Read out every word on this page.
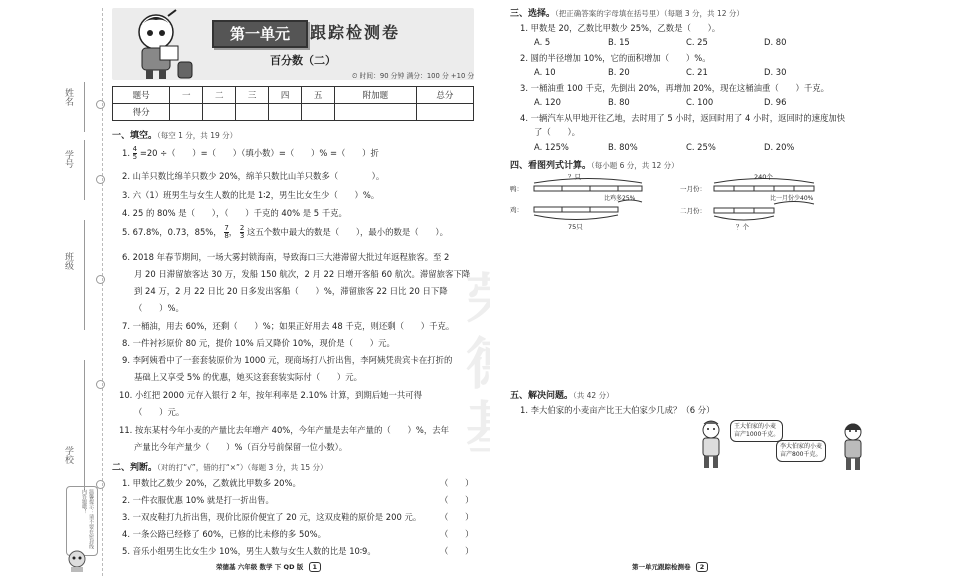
姓名
学号
班级
学校
温馨提示：请不要在密封线内答题哦！
第一单元	跟踪检测卷
百分数（二）
⏲ 时间：90 分钟 满分：100 分 +10 分
题号	一	二	三	四	五	附加题	总分
得分							
一、填空。（每空 1 分，共 19 分）
1. $\frac{4}{5} =20$ ÷（　　）=（　　）（填小数）=（　　）% =（　　）折
2. 山羊只数比绵羊只数少 20%，绵羊只数比山羊只数多（　　　　）。
3. 六（1）班男生与女生人数的比是 1∶2，男生比女生少（　　）%。
4. 25 的 80% 是（　　），（　　）千克的 40% 是 5 千克。
5. 67.8%，0.73，85%， $\frac{7}{8}$ ， $\frac{2}{3}$ 这五个数中最大的数是（　　），最小的数是（　　）。
6. 2018 年春节期间，一场大雾封锁海南，导致海口三大港滞留大批过年返程旅客。至 2
月 20 日滞留旅客达 30 万，发船 150 航次，2 月 22 日增开客船 60 航次。滞留旅客下降
到 24 万，2 月 22 日比 20 日多发出客船（　　）%，滞留旅客 22 日比 20 日下降
（　　）%。
7. 一桶油，用去 60%，还剩（　　）%；如果正好用去 48 千克，则还剩（　　）千克。
8. 一件衬衫原价 80 元，提价 10% 后又降价 10%，现价是（　　）元。
9. 李阿姨看中了一套套装原价为 1000 元，现商场打八折出售，李阿姨凭贵宾卡在打折的
基础上又享受 5% 的优惠，她买这套套装实际付（　　）元。
10. 小红把 2000 元存入银行 2 年，按年利率是 2.10% 计算，到期后她一共可得
（　　）元。
11. 按东某村今年小麦的产量比去年增产 40%，今年产量是去年产量的（　　）%，去年
产量比今年产量少（　　）%（百分号前保留一位小数）。
二、判断。（对的打“√”，错的打“×”）（每题 3 分，共 15 分）
1. 甲数比乙数少 20%，乙数就比甲数多 20%。	（　　）
2. 一件衣服优惠 10% 就是打一折出售。	（　　）
3. 一双皮鞋打九折出售，现价比原价便宜了 20 元，这双皮鞋的原价是 200 元。 （　　）
4. 一条公路已经修了 60%，已修的比未修的多 50%。	（　　）
5. 音乐小组男生比女生少 10%，男生人数与女生人数的比是 10∶9。	（　　）
荣德基 六年级 数学 下 QD 版 1
三、选择。（把正确答案的字母填在括号里）（每题 3 分，共 12 分）
1. 甲数是 20，乙数比甲数少 25%，乙数是（　　）。
A. 5	B. 15	C. 25	D. 80
2. 圆的半径增加 10%，它的面积增加（　　）%。
A. 10	B. 20	C. 21	D. 30
3. 一桶油重 100 千克，先倒出 20%，再增加 20%，现在这桶油重（　　）千克。
A. 120	B. 80	C. 100	D. 96
4. 一辆汽车从甲地开往乙地，去时用了 5 小时，返回时用了 4 小时，返回时的速度加快
了（　　）。
A. 125%	B. 80%	C. 25%	D. 20%
四、看图列式计算。（每小题 6 分，共 12 分）
？只
鸭：
鸡：
比鸡多25%
75只
240个
一月份：
二月份：
比一月份少40%
？个
五、解决问题。（共 42 分）
1. 李大伯家的小麦亩产比王大伯家少几成？（6 分）
王大伯家的小麦
亩产1000千克。
李大伯家的小麦
亩产800千克。
第一单元跟踪检测卷 2
